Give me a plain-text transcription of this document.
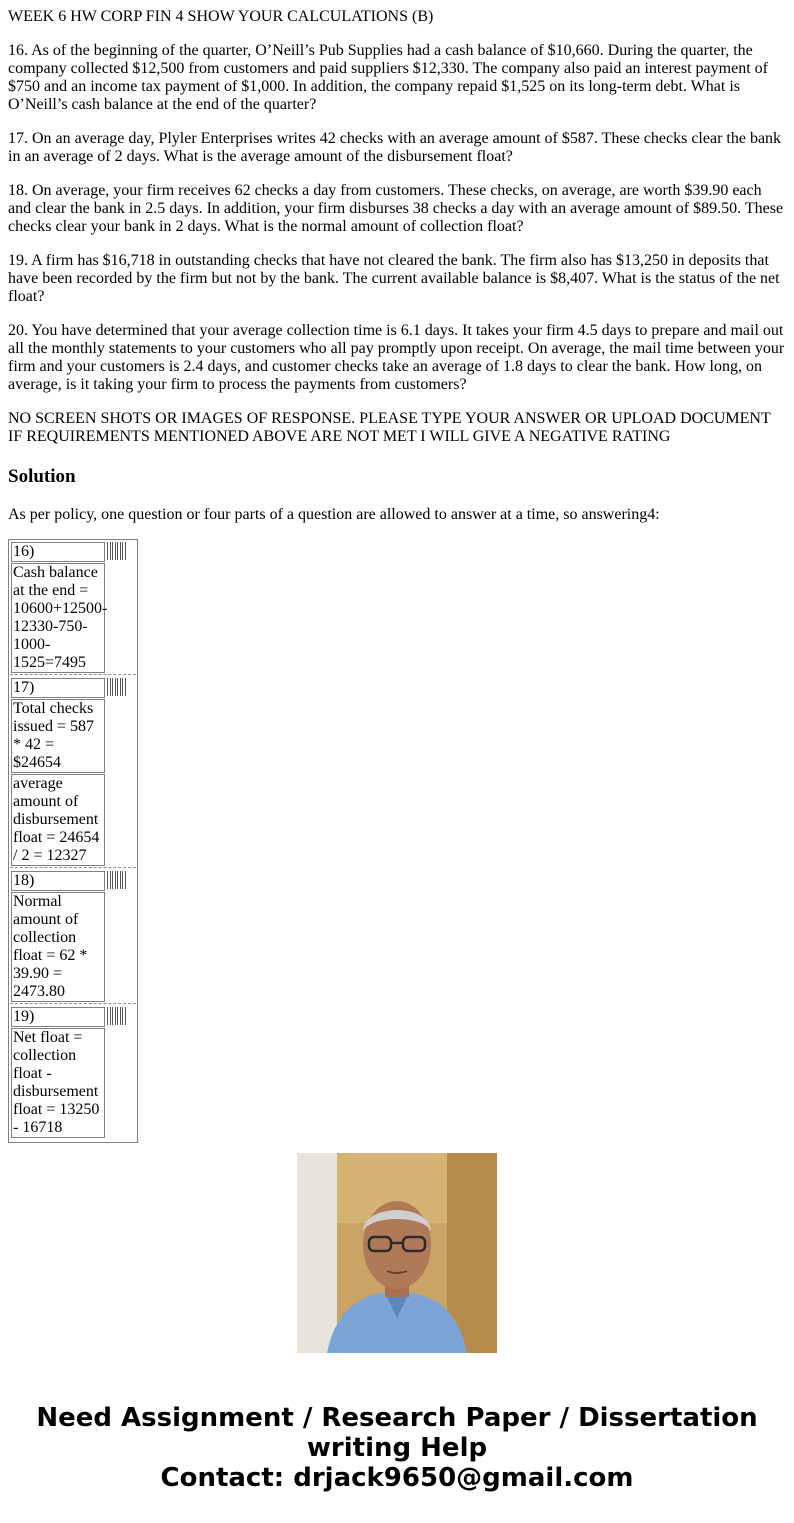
WEEK 6 HW CORP FIN 4 SHOW YOUR CALCULATIONS (B)

16. As of the beginning of the quarter, O’Neill’s Pub Supplies had a cash balance of $10,660. During the quarter, the company collected $12,500 from customers and paid suppliers $12,330. The company also paid an interest payment of $750 and an income tax payment of $1,000. In addition, the company repaid $1,525 on its long-term debt. What is O’Neill’s cash balance at the end of the quarter?

17. On an average day, Plyler Enterprises writes 42 checks with an average amount of $587. These checks clear the bank in an average of 2 days. What is the average amount of the disbursement float?

18. On average, your firm receives 62 checks a day from customers. These checks, on average, are worth $39.90 each and clear the bank in 2.5 days. In addition, your firm disburses 38 checks a day with an average amount of $89.50. These checks clear your bank in 2 days. What is the normal amount of collection float?

19. A firm has $16,718 in outstanding checks that have not cleared the bank. The firm also has $13,250 in deposits that have been recorded by the firm but not by the bank. The current available balance is $8,407. What is the status of the net float?

20. You have determined that your average collection time is 6.1 days. It takes your firm 4.5 days to prepare and mail out all the monthly statements to your customers who all pay promptly upon receipt. On average, the mail time between your firm and your customers is 2.4 days, and customer checks take an average of 1.8 days to clear the bank. How long, on average, is it taking your firm to process the payments from customers?

NO SCREEN SHOTS OR IMAGES OF RESPONSE. PLEASE TYPE YOUR ANSWER OR UPLOAD DOCUMENT IF REQUIREMENTS MENTIONED ABOVE ARE NOT MET I WILL GIVE A NEGATIVE RATING

Solution

As per policy, one question or four parts of a question are allowed to answer at a time, so answering4:

16)
Cash balance at the end = 10600+12500-12330-750-1000-1525=7495
17)
Total checks issued = 587 * 42 = $24654
average amount of disbursement float = 24654 / 2 = 12327
18)
Normal amount of collection float = 62 * 39.90 = 2473.80
19)
Net float = collection float - disbursement float = 13250 - 16718
Need Assignment / Research Paper / Dissertation
writing Help
Contact: drjack9650@gmail.com
